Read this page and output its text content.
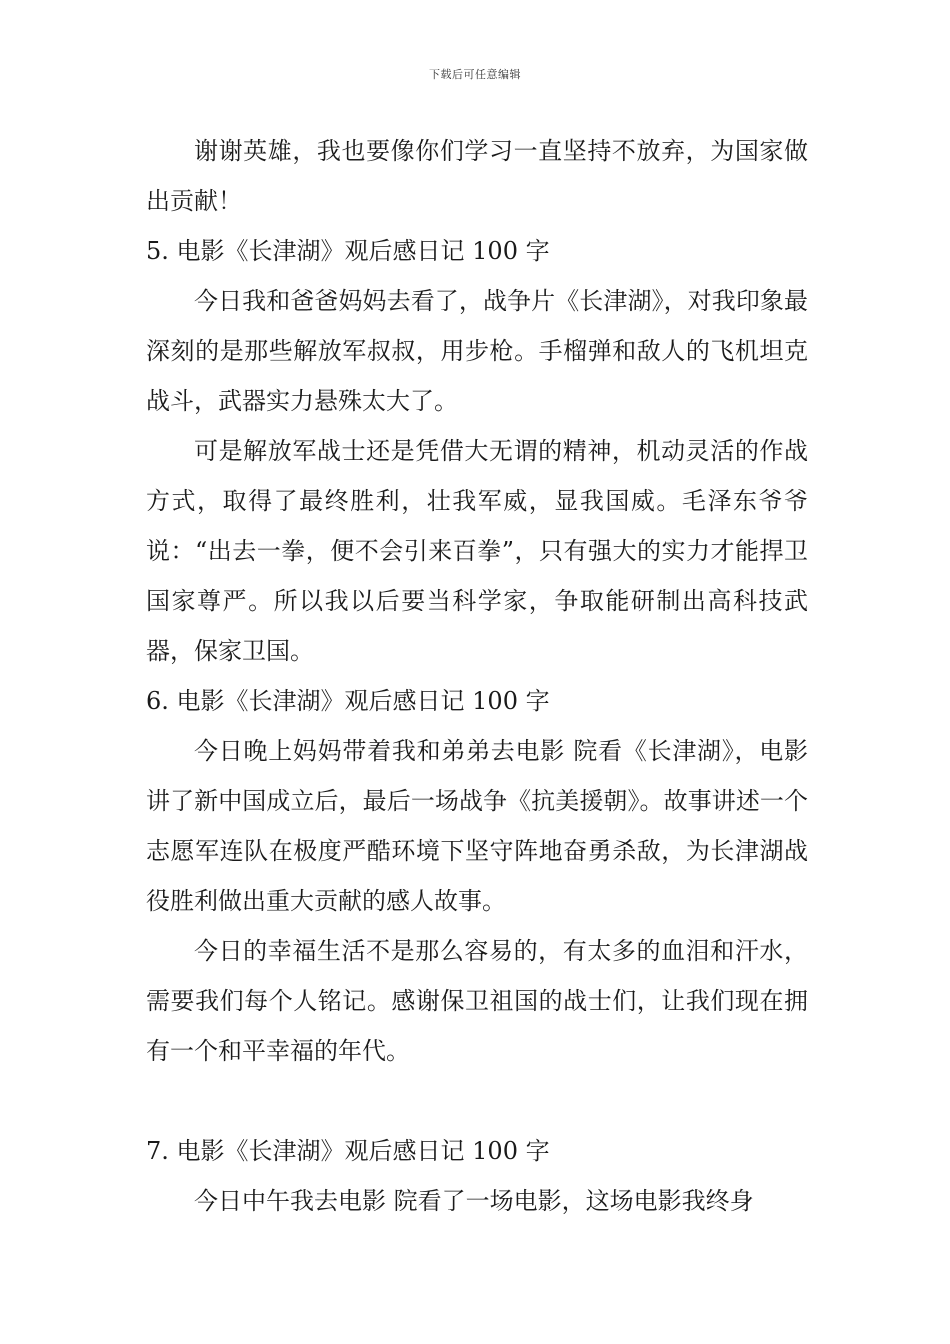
下载后可任意编辑

谢谢英雄，我也要像你们学习一直坚持不放弃，为国家做出贡献！

5. 电影《长津湖》观后感日记 100 字

今日我和爸爸妈妈去看了，战争片《长津湖》，对我印象最深刻的是那些解放军叔叔，用步枪。手榴弹和敌人的飞机坦克战斗，武器实力悬殊太大了。

可是解放军战士还是凭借大无谓的精神，机动灵活的作战方式，取得了最终胜利，壮我军威，显我国威。毛泽东爷爷说：“出去一拳，便不会引来百拳”，只有强大的实力才能捍卫国家尊严。所以我以后要当科学家，争取能研制出高科技武器，保家卫国。

6. 电影《长津湖》观后感日记 100 字

今日晚上妈妈带着我和弟弟去电影 院看《长津湖》，电影讲了新中国成立后，最后一场战争《抗美援朝》。故事讲述一个志愿军连队在极度严酷环境下坚守阵地奋勇杀敌，为长津湖战役胜利做出重大贡献的感人故事。

今日的幸福生活不是那么容易的，有太多的血泪和汗水，需要我们每个人铭记。感谢保卫祖国的战士们，让我们现在拥有一个和平幸福的年代。

7. 电影《长津湖》观后感日记 100 字

今日中午我去电影 院看了一场电影，这场电影我终身
